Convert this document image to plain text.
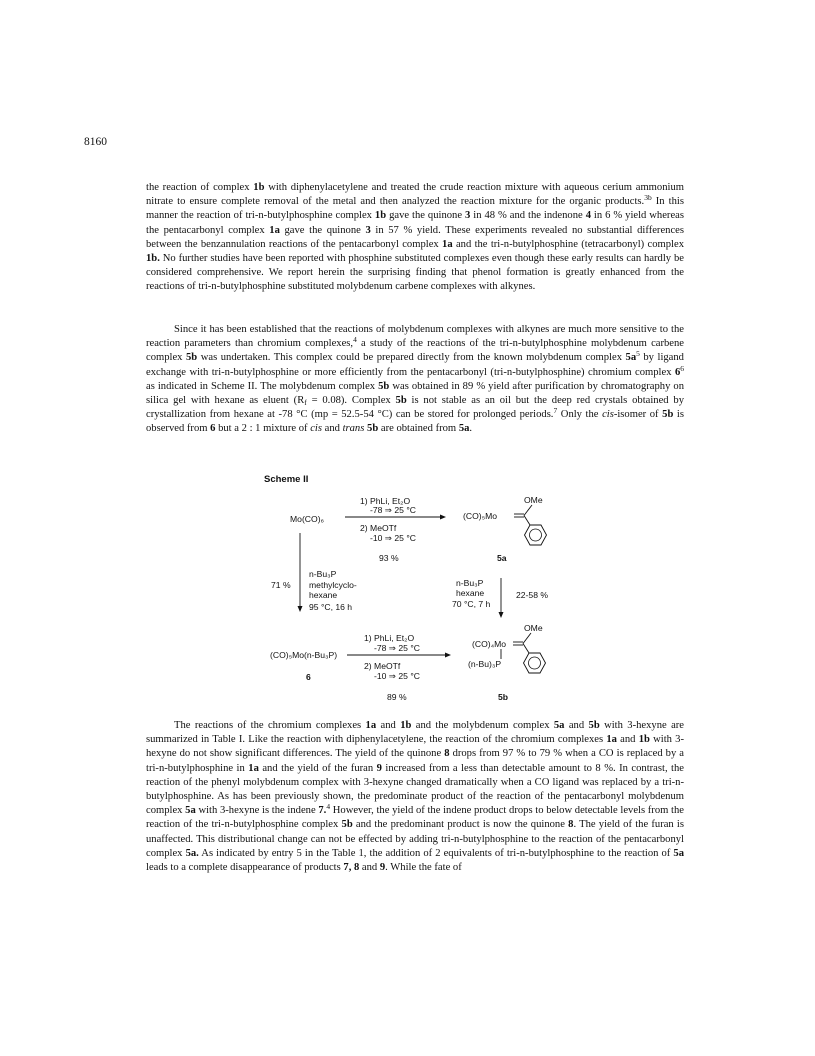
8160

the reaction of complex 1b with diphenylacetylene and treated the crude reaction mixture with aqueous cerium ammonium nitrate to ensure complete removal of the metal and then analyzed the reaction mixture for the organic products.$^{3b}$ In this manner the reaction of tri-n-butylphosphine complex 1b gave the quinone 3 in 48 % and the indenone 4 in 6 % yield whereas the pentacarbonyl complex 1a gave the quinone 3 in 57 % yield. These experiments revealed no substantial differences between the benzannulation reactions of the pentacarbonyl complex 1a and the tri-n-butylphosphine (tetracarbonyl) complex 1b. No further studies have been reported with phosphine substituted complexes even though these early results can hardly be considered comprehensive. We report herein the surprising finding that phenol formation is greatly enhanced from the reactions of tri-n-butylphosphine substituted molybdenum carbene complexes with alkynes.

Since it has been established that the reactions of molybdenum complexes with alkynes are much more sensitive to the reaction parameters than chromium complexes,$^4$ a study of the reactions of the tri-n-butylphosphine molybdenum carbene complex 5b was undertaken. This complex could be prepared directly from the known molybdenum complex $5a^5$ by ligand exchange with tri-n-butylphosphine or more efficiently from the pentacarbonyl (tri-n-butylphosphine) chromium complex $6^6$ as indicated in Scheme II. The molybdenum complex 5b was obtained in 89 % yield after purification by chromatography on silica gel with hexane as eluent $(R_f = 0.08)$. Complex 5b is not stable as an oil but the deep red crystals obtained by crystallization from hexane at -78 °C (mp = 52.5-54 °C) can be stored for prolonged periods.$^7$ Only the cis-isomer of 5b is observed from 6 but a 2 : 1 mixture of cis and trans 5b are obtained from 5a.

Scheme II
Mo(CO)₆
1) PhLi, Et₂O
-78 ⇒ 25 °C
2) MeOTf
-10 ⇒ 25 °C
93 %
(CO)₅Mo
OMe
5a
71 %
n-Bu₃P
methylcyclo-
hexane
95 °C, 16 h
n-Bu₃P
hexane
70 °C, 7 h
22-58 %
(CO)₅Mo(n-Bu₃P)
6
1) PhLi, Et₂O
-78 ⇒ 25 °C
2) MeOTf
-10 ⇒ 25 °C
89 %
(CO)₄Mo
OMe
(n-Bu)₃P
5b

The reactions of the chromium complexes 1a and 1b and the molybdenum complex 5a and 5b with 3-hexyne are summarized in Table I. Like the reaction with diphenylacetylene, the reaction of the chromium complexes 1a and 1b with 3-hexyne do not show significant differences. The yield of the quinone 8 drops from 97 % to 79 % when a CO is replaced by a tri-n-butylphosphine in 1a and the yield of the furan 9 increased from a less than detectable amount to 8 %. In contrast, the reaction of the phenyl molybdenum complex with 3-hexyne changed dramatically when a CO ligand was replaced by a tri-n-butylphosphine. As has been previously shown, the predominate product of the reaction of the pentacarbonyl molybdenum complex 5a with 3-hexyne is the indene 7.$^4$ However, the yield of the indene product drops to below detectable levels from the reaction of the tri-n-butylphosphine complex 5b and the predominant product is now the quinone 8. The yield of the furan is unaffected. This distributional change can not be effected by adding tri-n-butylphosphine to the reaction of the pentacarbonyl complex 5a. As indicated by entry 5 in the Table 1, the addition of 2 equivalents of tri-n-butylphosphine to the reaction of 5a leads to a complete disappearance of products 7, 8 and 9. While the fate of
